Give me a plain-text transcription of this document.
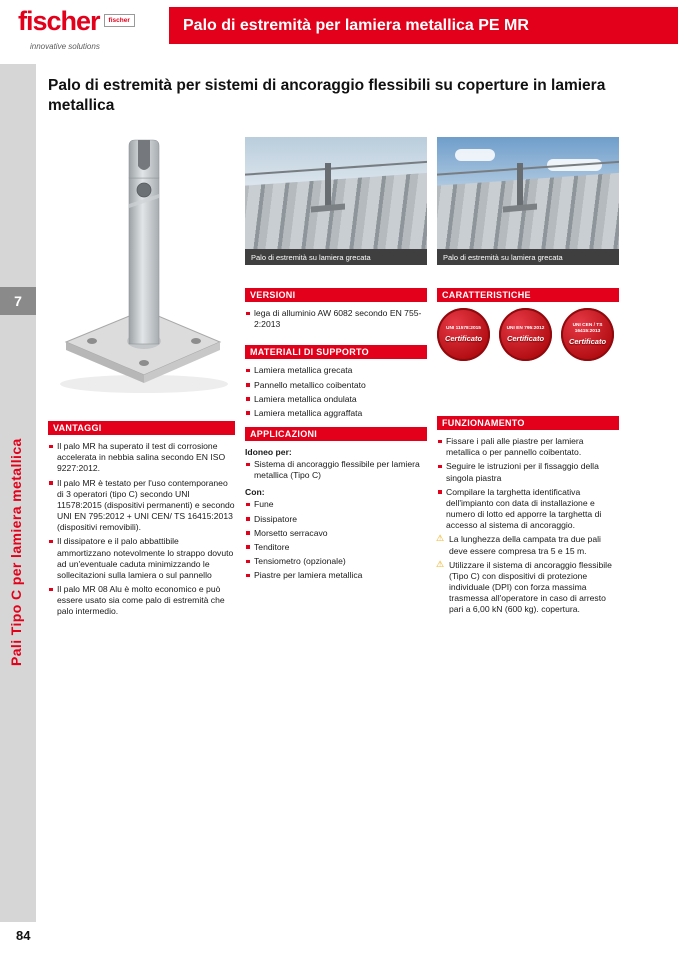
fischer fischer
innovative solutions
Palo di estremità per lamiera metallica PE MR
7
Pali Tipo C per lamiera metallica
84
Palo di estremità per sistemi di ancoraggio flessibili su coperture in lamiera metallica
VANTAGGI
Il palo MR ha superato il test di corrosione accelerata in nebbia salina secondo EN ISO 9227:2012.
Il palo MR è testato per l'uso contemporaneo di 3 operatori (tipo C) secondo UNI 11578:2015 (dispositivi permanenti) e secondo UNI EN 795:2012 + UNI CEN/ TS 16415:2013 (dispositivi removibili).
Il dissipatore e il palo abbattibile ammortizzano notevolmente lo strappo dovuto ad un'eventuale caduta minimizzando le sollecitazioni sulla lamiera o sul pannello
Il palo MR 08 Alu è molto economico e può essere usato sia come palo di estremità che palo intermedio.
Palo di estremità su lamiera grecata
VERSIONI
lega di alluminio AW 6082 secondo EN 755-2:2013
MATERIALI DI SUPPORTO
Lamiera metallica grecata
Pannello metallico coibentato
Lamiera metallica ondulata
Lamiera metallica aggraffata
APPLICAZIONI
Idoneo per:
Sistema di ancoraggio flessibile per lamiera metallica (Tipo C)
Con:
Fune
Dissipatore
Morsetto serracavo
Tenditore
Tensiometro (opzionale)
Piastre per lamiera metallica
Palo di estremità su lamiera grecata
CARATTERISTICHE
UNI 11578:2015
Certificato
UNI EN 795:2012
Certificato
UNI CEN / TS 16415:2013
Certificato
FUNZIONAMENTO
Fissare i pali alle piastre per lamiera metallica o per pannello coibentato.
Seguire le istruzioni per il fissaggio della singola piastra
Compilare la targhetta identificativa dell'impianto con data di installazione e numero di lotto ed apporre la targhetta di accesso al sistema di ancoraggio.
⚠ La lunghezza della campata tra due pali deve essere compresa tra 5 e 15 m.
⚠ Utilizzare il sistema di ancoraggio flessibile (Tipo C) con dispositivi di protezione individuale (DPI) con forza massima trasmessa all'operatore in caso di arresto pari a 6,00 kN (600 kg). copertura.
